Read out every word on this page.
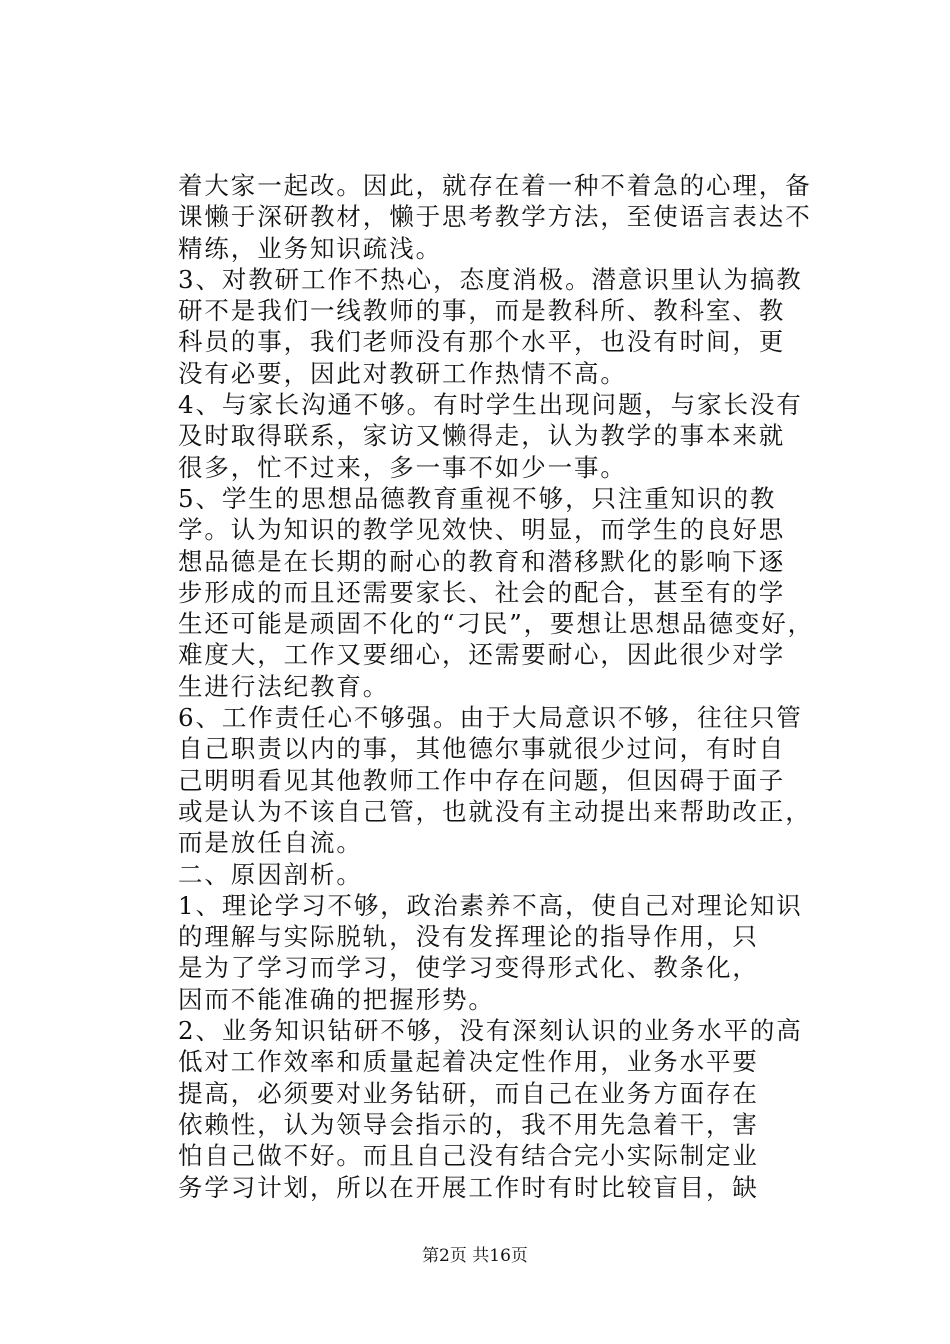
着大家一起改。因此，就存在着一种不着急的心理，备
课懒于深研教材，懒于思考教学方法，至使语言表达不
精练，业务知识疏浅。
3、对教研工作不热心，态度消极。潜意识里认为搞教
研不是我们一线教师的事，而是教科所、教科室、教
科员的事，我们老师没有那个水平，也没有时间，更
没有必要，因此对教研工作热情不高。
4、与家长沟通不够。有时学生出现问题，与家长没有
及时取得联系，家访又懒得走，认为教学的事本来就
很多，忙不过来，多一事不如少一事。
5、学生的思想品德教育重视不够，只注重知识的教
学。认为知识的教学见效快、明显，而学生的良好思
想品德是在长期的耐心的教育和潜移默化的影响下逐
步形成的而且还需要家长、社会的配合，甚至有的学
生还可能是顽固不化的“刁民”，要想让思想品德变好，
难度大，工作又要细心，还需要耐心，因此很少对学
生进行法纪教育。
6、工作责任心不够强。由于大局意识不够，往往只管
自己职责以内的事，其他德尔事就很少过问，有时自
己明明看见其他教师工作中存在问题，但因碍于面子
或是认为不该自己管，也就没有主动提出来帮助改正，
而是放任自流。
二、原因剖析。
1、理论学习不够，政治素养不高，使自己对理论知识
的理解与实际脱轨，没有发挥理论的指导作用，只
是为了学习而学习，使学习变得形式化、教条化，
因而不能准确的把握形势。
2、业务知识钻研不够，没有深刻认识的业务水平的高
低对工作效率和质量起着决定性作用，业务水平要
提高，必须要对业务钻研，而自己在业务方面存在
依赖性，认为领导会指示的，我不用先急着干，害
怕自己做不好。而且自己没有结合完小实际制定业
务学习计划，所以在开展工作时有时比较盲目，缺
第2页 共16页
